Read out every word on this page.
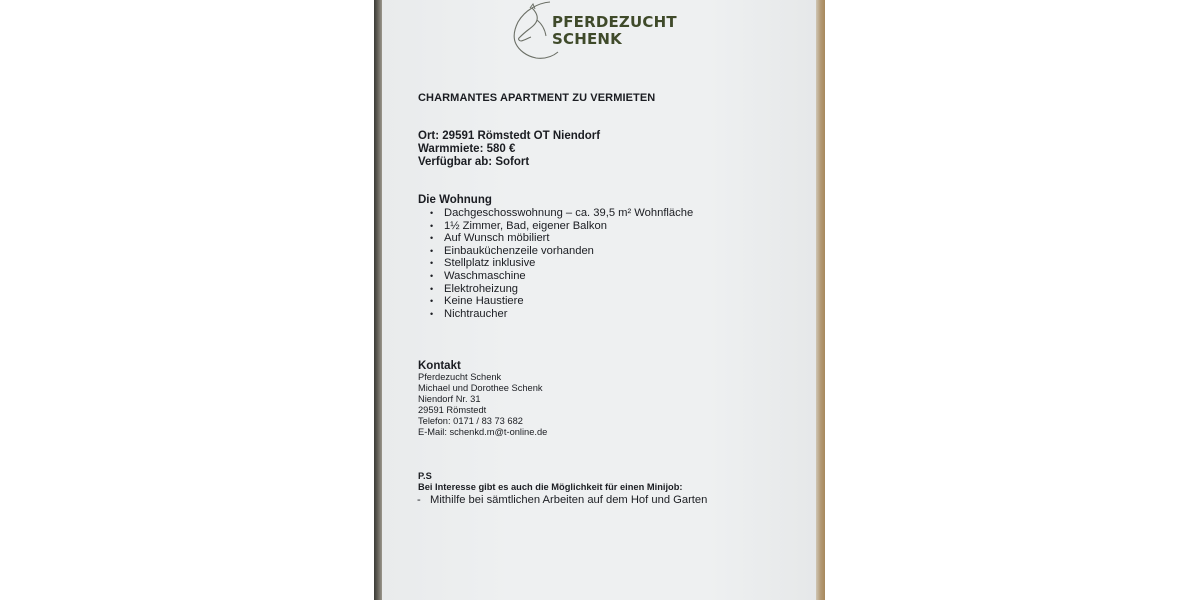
PFERDEZUCHT
SCHENK
CHARMANTES APARTMENT ZU VERMIETEN
Ort: 29591 Römstedt OT Niendorf
Warmmiete: 580 €
Verfügbar ab: Sofort
Die Wohnung
• Dachgeschosswohnung – ca. 39,5 m² Wohnfläche
• 1½ Zimmer, Bad, eigener Balkon
• Auf Wunsch möbiliert
• Einbauküchenzeile vorhanden
• Stellplatz inklusive
• Waschmaschine
• Elektroheizung
• Keine Haustiere
• Nichtraucher
Kontakt
Pferdezucht Schenk
Michael und Dorothee Schenk
Niendorf Nr. 31
29591 Römstedt
Telefon: 0171 / 83 73 682
E-Mail: schenkd.m@t-online.de
P.S
Bei Interesse gibt es auch die Möglichkeit für einen Minijob:
- Mithilfe bei sämtlichen Arbeiten auf dem Hof und Garten
